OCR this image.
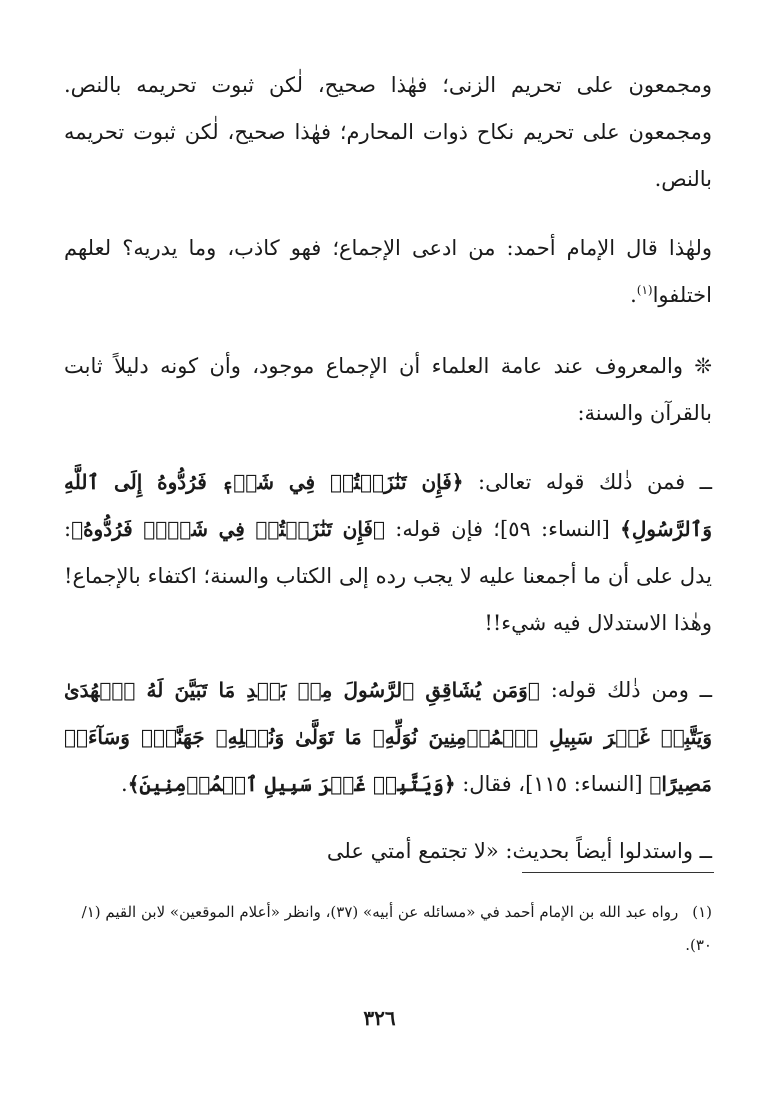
ومجمعون على تحريم الزنى؛ فهٰذا صحيح، لٰكن ثبوت تحريمه بالنص. ومجمعون على تحريم نكاح ذوات المحارم؛ فهٰذا صحيح، لٰكن ثبوت تحريمه بالنص.

ولهٰذا قال الإمام أحمد: من ادعى الإجماع؛ فهو كاذب، وما يدريه؟ لعلهم اختلفوا$^{(١)}$.

❊ والمعروف عند عامة العلماء أن الإجماع موجود، وأن كونه دليلاً ثابت بالقرآن والسنة:

ــ فمن ذٰلك قوله تعالى: ﴿فَإِن تَنَٰزَعۡتُمۡ فِي شَيۡءٖ فَرُدُّوهُ إِلَى ٱللَّهِ وَٱلرَّسُولِ﴾ [النساء: ٥٩]؛ فإن قوله: ﴿فَإِن تَنَٰزَعۡتُمۡ فِي شَيۡءٖ فَرُدُّوهُ﴾: يدل على أن ما أجمعنا عليه لا يجب رده إلى الكتاب والسنة؛ اكتفاء بالإجماع! وهٰذا الاستدلال فيه شيء!!

ــ ومن ذٰلك قوله: ﴿وَمَن يُشَاقِقِ ٱلرَّسُولَ مِنۢ بَعۡدِ مَا تَبَيَّنَ لَهُ ٱلۡهُدَىٰ وَيَتَّبِعۡ غَيۡرَ سَبِيلِ ٱلۡمُؤۡمِنِينَ نُوَلِّهِۦ مَا تَوَلَّىٰ وَنُصۡلِهِۦ جَهَنَّمَۖ وَسَآءَتۡ مَصِيرًا﴾ [النساء: ١١٥]، فقال: ﴿وَيَتَّبِعۡ غَيۡرَ سَبِيلِ ٱلۡمُؤۡمِنِينَ﴾.

ــ واستدلوا أيضاً بحديث: «لا تجتمع أمتي على

(١)رواه عبد الله بن الإمام أحمد في «مسائله عن أبيه» (٣٧)، وانظر «أعلام الموقعين» لابن القيم (١/ ٣٠).
٣٢٦
